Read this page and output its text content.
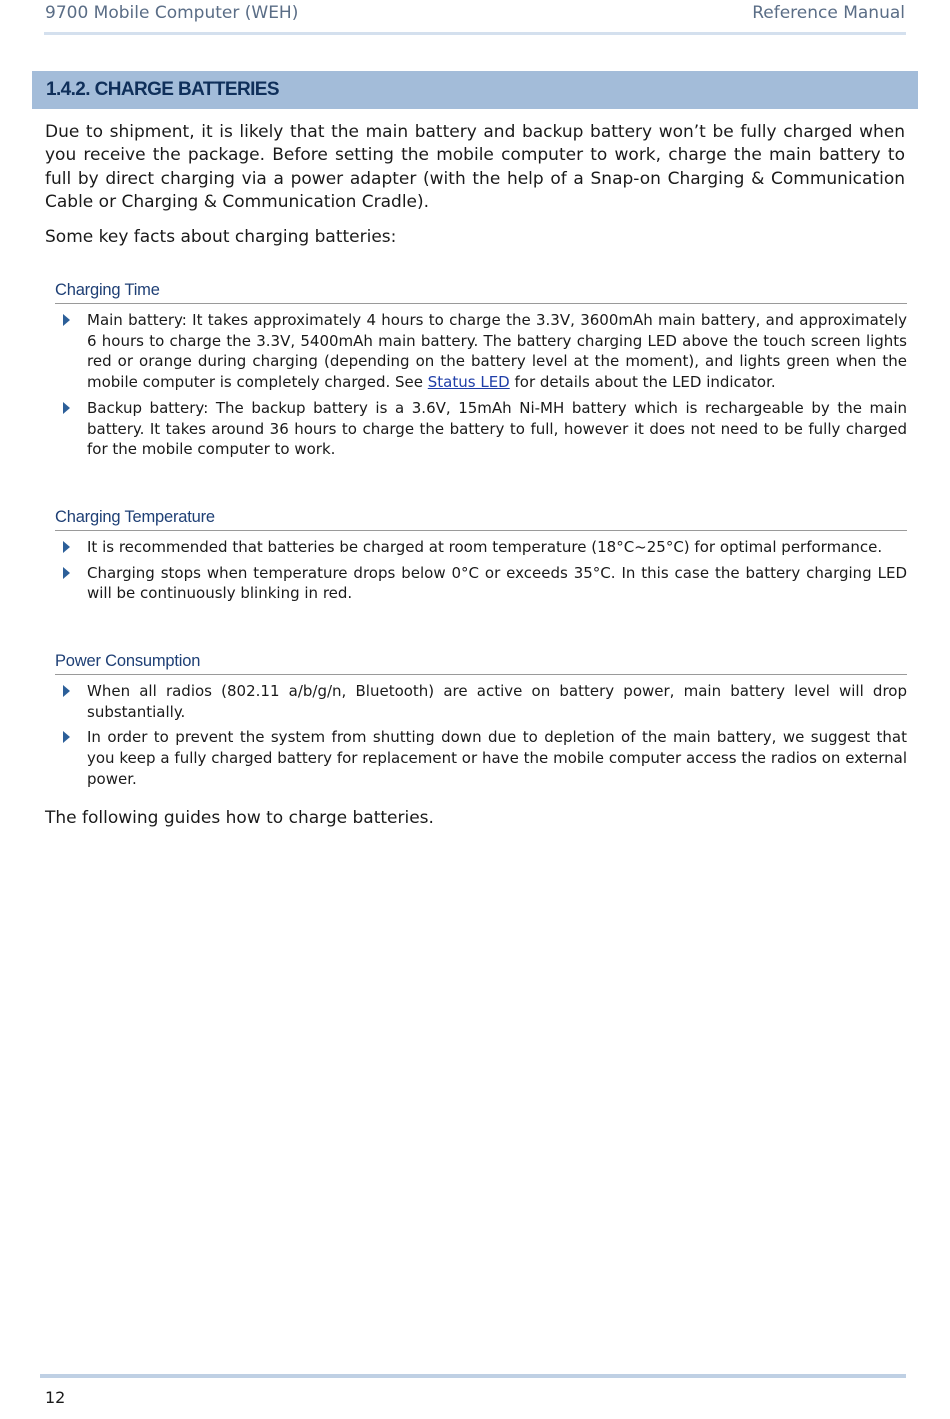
9700 Mobile Computer (WEH)	Reference Manual
1.4.2. CHARGE BATTERIES
Due to shipment, it is likely that the main battery and backup battery won’t be fully charged when you receive the package. Before setting the mobile computer to work, charge the main battery to full by direct charging via a power adapter (with the help of a Snap-on Charging & Communication Cable or Charging & Communication Cradle).
Some key facts about charging batteries:
Charging Time
Main battery: It takes approximately 4 hours to charge the 3.3V, 3600mAh main battery, and approximately 6 hours to charge the 3.3V, 5400mAh main battery. The battery charging LED above the touch screen lights red or orange during charging (depending on the battery level at the moment), and lights green when the mobile computer is completely charged. See Status LED for details about the LED indicator.
Backup battery: The backup battery is a 3.6V, 15mAh Ni-MH battery which is rechargeable by the main battery. It takes around 36 hours to charge the battery to full, however it does not need to be fully charged for the mobile computer to work.
Charging Temperature
It is recommended that batteries be charged at room temperature (18°C~25°C) for optimal performance.
Charging stops when temperature drops below 0°C or exceeds 35°C. In this case the battery charging LED will be continuously blinking in red.
Power Consumption
When all radios (802.11 a/b/g/n, Bluetooth) are active on battery power, main battery level will drop substantially.
In order to prevent the system from shutting down due to depletion of the main battery, we suggest that you keep a fully charged battery for replacement or have the mobile computer access the radios on external power.
The following guides how to charge batteries.
12
